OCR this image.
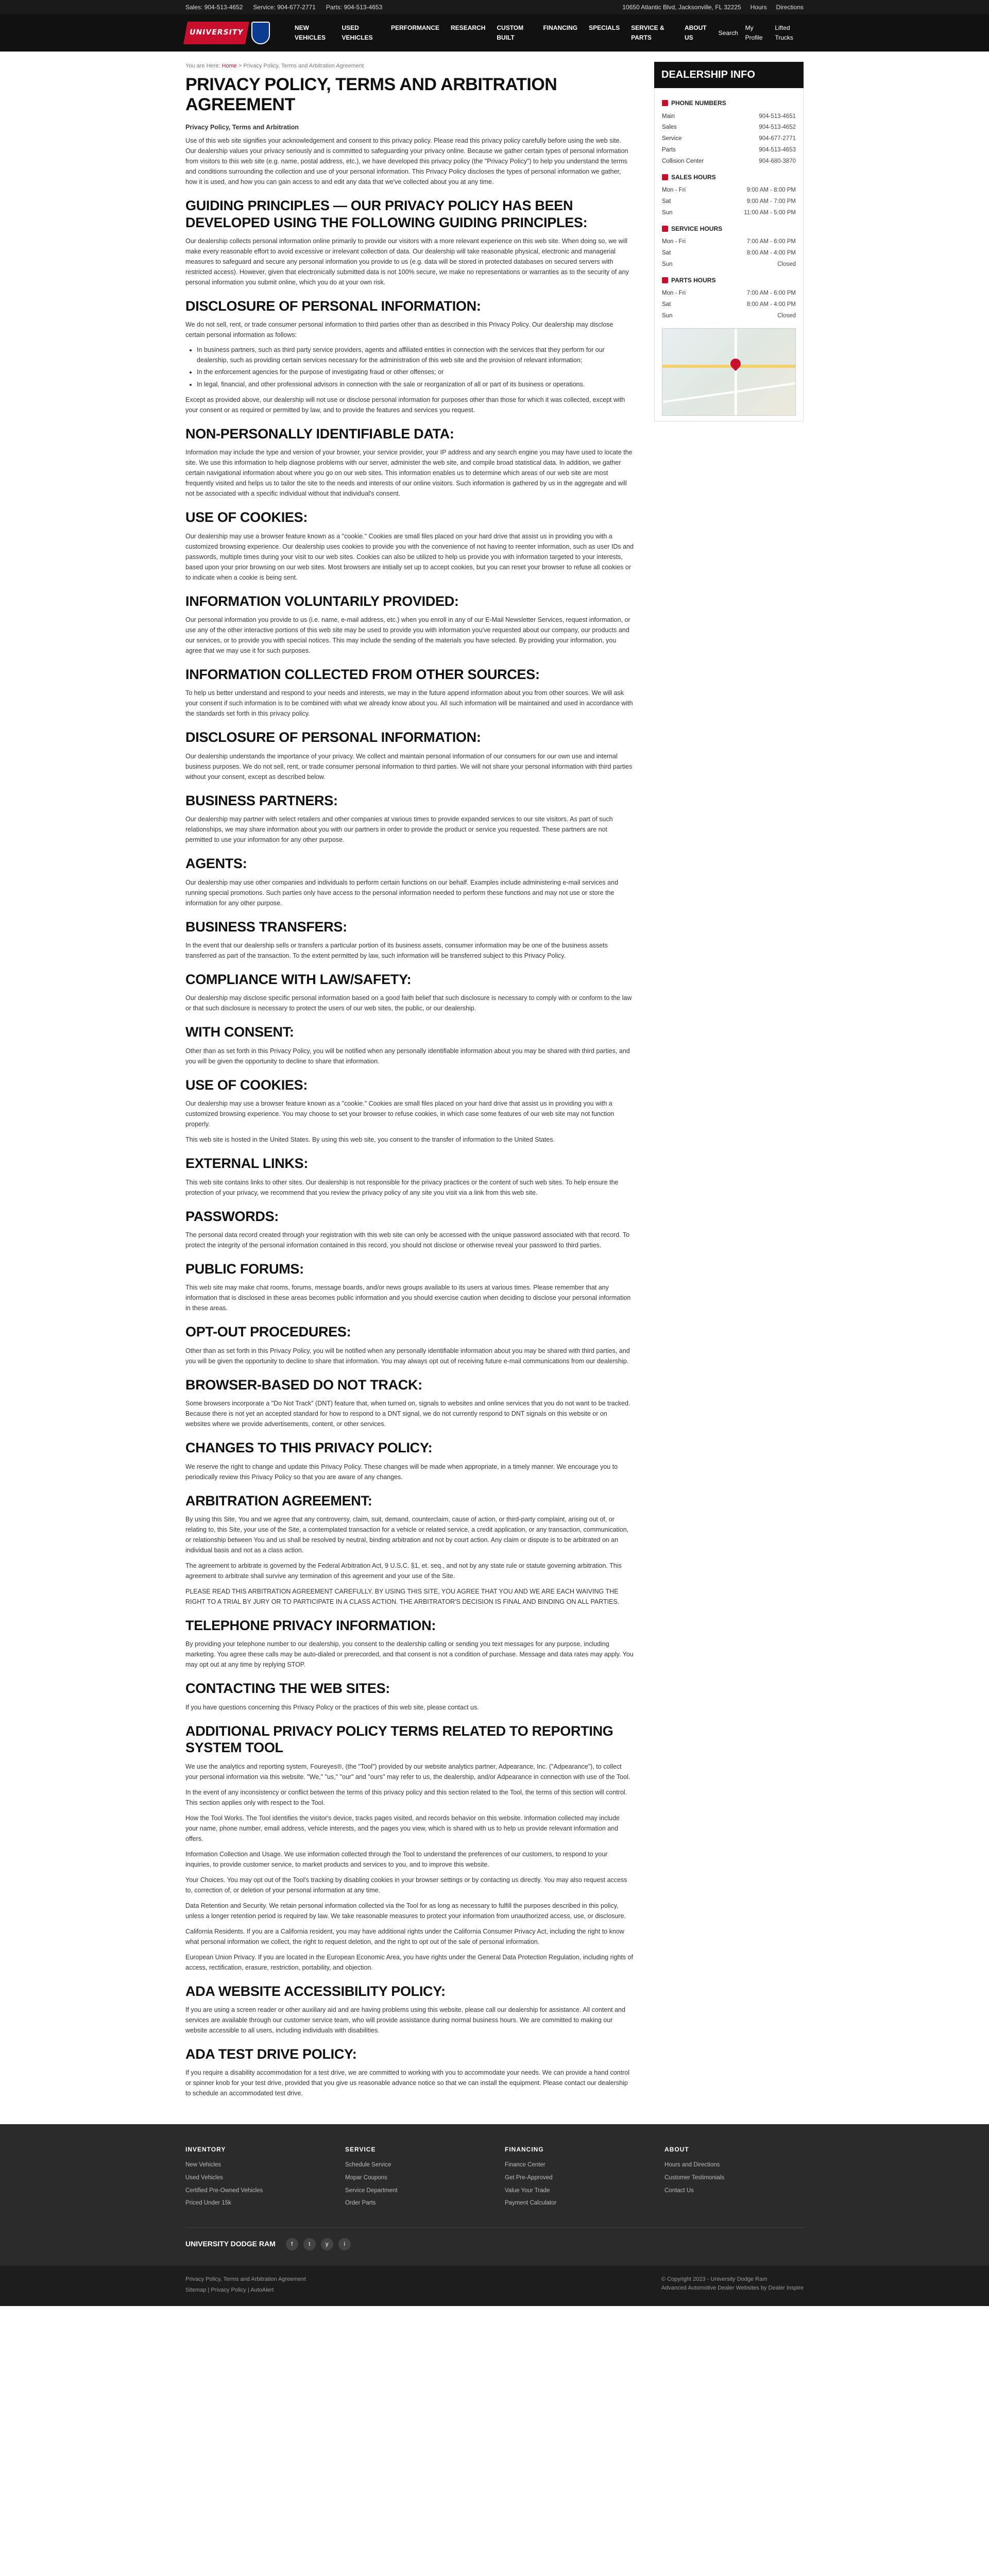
Sales: 904-513-4652 Service: 904-677-2771 Parts: 904-513-4653	10650 Atlantic Blvd, Jacksonville, FL 32225 Hours Directions
UNIVERSITY
NEW VEHICLES
USED VEHICLES
PERFORMANCE RESEARCH CUSTOM BUILT
FINANCING SPECIALS SERVICE & PARTS
ABOUT US
Search
My Profile
Lifted Trucks
You are Here: Home > Privacy Policy, Terms and Arbitration Agreement
PRIVACY POLICY, TERMS AND ARBITRATION AGREEMENT

Privacy Policy, Terms and Arbitration

Use of this web site signifies your acknowledgement and consent to this privacy policy. Please read this privacy policy carefully before using the web site. Our dealership values your privacy seriously and is committed to safeguarding your privacy online. Because we gather certain types of personal information from visitors to this web site (e.g. name, postal address, etc.), we have developed this privacy policy (the "Privacy Policy") to help you understand the terms and conditions surrounding the collection and use of your personal information. This Privacy Policy discloses the types of personal information we gather, how it is used, and how you can gain access to and edit any data that we've collected about you at any time.

GUIDING PRINCIPLES — OUR PRIVACY POLICY HAS BEEN DEVELOPED USING THE FOLLOWING GUIDING PRINCIPLES:

Our dealership collects personal information online primarily to provide our visitors with a more relevant experience on this web site. When doing so, we will make every reasonable effort to avoid excessive or irrelevant collection of data. Our dealership will take reasonable physical, electronic and managerial measures to safeguard and secure any personal information you provide to us (e.g. data will be stored in protected databases on secured servers with restricted access). However, given that electronically submitted data is not 100% secure, we make no representations or warranties as to the security of any personal information you submit online, which you do at your own risk.

DISCLOSURE OF PERSONAL INFORMATION:

We do not sell, rent, or trade consumer personal information to third parties other than as described in this Privacy Policy. Our dealership may disclose certain personal information as follows:

• In business partners, such as third party service providers, agents and affiliated entities in connection with the services that they perform for our dealership, such as providing certain services necessary for the administration of this web site and the provision of relevant information;
• In the enforcement agencies for the purpose of investigating fraud or other offenses; or
• In legal, financial, and other professional advisors in connection with the sale or reorganization of all or part of its business or operations.

Except as provided above, our dealership will not use or disclose personal information for purposes other than those for which it was collected, except with your consent or as required or permitted by law, and to provide the features and services you request.

NON-PERSONALLY IDENTIFIABLE DATA:

Information may include the type and version of your browser, your service provider, your IP address and any search engine you may have used to locate the site. We use this information to help diagnose problems with our server, administer the web site, and compile broad statistical data. In addition, we gather certain navigational information about where you go on our web sites. This information enables us to determine which areas of our web site are most frequently visited and helps us to tailor the site to the needs and interests of our online visitors. Such information is gathered by us in the aggregate and will not be associated with a specific individual without that individual's consent.

USE OF COOKIES:

Our dealership may use a browser feature known as a "cookie." Cookies are small files placed on your hard drive that assist us in providing you with a customized browsing experience. Our dealership uses cookies to provide you with the convenience of not having to reenter information, such as user IDs and passwords, multiple times during your visit to our web sites. Cookies can also be utilized to help us provide you with information targeted to your interests, based upon your prior browsing on our web sites. Most browsers are initially set up to accept cookies, but you can reset your browser to refuse all cookies or to indicate when a cookie is being sent.

INFORMATION VOLUNTARILY PROVIDED:

Our personal information you provide to us (i.e. name, e-mail address, etc.) when you enroll in any of our E-Mail Newsletter Services, request information, or use any of the other interactive portions of this web site may be used to provide you with information you've requested about our company, our products and our services, or to provide you with special notices. This may include the sending of the materials you have selected. By providing your information, you agree that we may use it for such purposes.

INFORMATION COLLECTED FROM OTHER SOURCES:

To help us better understand and respond to your needs and interests, we may in the future append information about you from other sources. We will ask your consent if such information is to be combined with what we already know about you. All such information will be maintained and used in accordance with the standards set forth in this privacy policy.

DISCLOSURE OF PERSONAL INFORMATION:

Our dealership understands the importance of your privacy. We collect and maintain personal information of our consumers for our own use and internal business purposes. We do not sell, rent, or trade consumer personal information to third parties. We will not share your personal information with third parties without your consent, except as described below.

BUSINESS PARTNERS:

Our dealership may partner with select retailers and other companies at various times to provide expanded services to our site visitors. As part of such relationships, we may share information about you with our partners in order to provide the product or service you requested. These partners are not permitted to use your information for any other purpose.

AGENTS:

Our dealership may use other companies and individuals to perform certain functions on our behalf. Examples include administering e-mail services and running special promotions. Such parties only have access to the personal information needed to perform these functions and may not use or store the information for any other purpose.

BUSINESS TRANSFERS:

In the event that our dealership sells or transfers a particular portion of its business assets, consumer information may be one of the business assets transferred as part of the transaction. To the extent permitted by law, such information will be transferred subject to this Privacy Policy.

COMPLIANCE WITH LAW/SAFETY:

Our dealership may disclose specific personal information based on a good faith belief that such disclosure is necessary to comply with or conform to the law or that such disclosure is necessary to protect the users of our web sites, the public, or our dealership.

WITH CONSENT:

Other than as set forth in this Privacy Policy, you will be notified when any personally identifiable information about you may be shared with third parties, and you will be given the opportunity to decline to share that information.

USE OF COOKIES:

Our dealership may use a browser feature known as a "cookie." Cookies are small files placed on your hard drive that assist us in providing you with a customized browsing experience. You may choose to set your browser to refuse cookies, in which case some features of our web site may not function properly.

This web site is hosted in the United States. By using this web site, you consent to the transfer of information to the United States.

EXTERNAL LINKS:

This web site contains links to other sites. Our dealership is not responsible for the privacy practices or the content of such web sites. To help ensure the protection of your privacy, we recommend that you review the privacy policy of any site you visit via a link from this web site.

PASSWORDS:

The personal data record created through your registration with this web site can only be accessed with the unique password associated with that record. To protect the integrity of the personal information contained in this record, you should not disclose or otherwise reveal your password to third parties.

PUBLIC FORUMS:

This web site may make chat rooms, forums, message boards, and/or news groups available to its users at various times. Please remember that any information that is disclosed in these areas becomes public information and you should exercise caution when deciding to disclose your personal information in these areas.

OPT-OUT PROCEDURES:

Other than as set forth in this Privacy Policy, you will be notified when any personally identifiable information about you may be shared with third parties, and you will be given the opportunity to decline to share that information. You may always opt out of receiving future e-mail communications from our dealership.

BROWSER-BASED DO NOT TRACK:

Some browsers incorporate a "Do Not Track" (DNT) feature that, when turned on, signals to websites and online services that you do not want to be tracked. Because there is not yet an accepted standard for how to respond to a DNT signal, we do not currently respond to DNT signals on this website or on websites where we provide advertisements, content, or other services.

CHANGES TO THIS PRIVACY POLICY:

We reserve the right to change and update this Privacy Policy. These changes will be made when appropriate, in a timely manner. We encourage you to periodically review this Privacy Policy so that you are aware of any changes.

ARBITRATION AGREEMENT:

By using this Site, You and we agree that any controversy, claim, suit, demand, counterclaim, cause of action, or third-party complaint, arising out of, or relating to, this Site, your use of the Site, a contemplated transaction for a vehicle or related service, a credit application, or any transaction, communication, or relationship between You and us shall be resolved by neutral, binding arbitration and not by court action. Any claim or dispute is to be arbitrated on an individual basis and not as a class action.

The agreement to arbitrate is governed by the Federal Arbitration Act, 9 U.S.C. §1, et. seq., and not by any state rule or statute governing arbitration. This agreement to arbitrate shall survive any termination of this agreement and your use of the Site.

PLEASE READ THIS ARBITRATION AGREEMENT CAREFULLY. BY USING THIS SITE, YOU AGREE THAT YOU AND WE ARE EACH WAIVING THE RIGHT TO A TRIAL BY JURY OR TO PARTICIPATE IN A CLASS ACTION. THE ARBITRATOR'S DECISION IS FINAL AND BINDING ON ALL PARTIES.

TELEPHONE PRIVACY INFORMATION:

By providing your telephone number to our dealership, you consent to the dealership calling or sending you text messages for any purpose, including marketing. You agree these calls may be auto-dialed or prerecorded, and that consent is not a condition of purchase. Message and data rates may apply. You may opt out at any time by replying STOP.

CONTACTING THE WEB SITES:

If you have questions concerning this Privacy Policy or the practices of this web site, please contact us.

ADDITIONAL PRIVACY POLICY TERMS RELATED TO REPORTING SYSTEM TOOL

We use the analytics and reporting system, Foureyes®, (the "Tool") provided by our website analytics partner, Adpearance, Inc. ("Adpearance"), to collect your personal information via this website. "We," "us," "our" and "ours" may refer to us, the dealership, and/or Adpearance in connection with use of the Tool.

In the event of any inconsistency or conflict between the terms of this privacy policy and this section related to the Tool, the terms of this section will control. This section applies only with respect to the Tool.

How the Tool Works. The Tool identifies the visitor's device, tracks pages visited, and records behavior on this website. Information collected may include your name, phone number, email address, vehicle interests, and the pages you view, which is shared with us to help us provide relevant information and offers.

Information Collection and Usage. We use information collected through the Tool to understand the preferences of our customers, to respond to your inquiries, to provide customer service, to market products and services to you, and to improve this website.

Your Choices. You may opt out of the Tool's tracking by disabling cookies in your browser settings or by contacting us directly. You may also request access to, correction of, or deletion of your personal information at any time.

Data Retention and Security. We retain personal information collected via the Tool for as long as necessary to fulfill the purposes described in this policy, unless a longer retention period is required by law. We take reasonable measures to protect your information from unauthorized access, use, or disclosure.

California Residents. If you are a California resident, you may have additional rights under the California Consumer Privacy Act, including the right to know what personal information we collect, the right to request deletion, and the right to opt out of the sale of personal information.

European Union Privacy. If you are located in the European Economic Area, you have rights under the General Data Protection Regulation, including rights of access, rectification, erasure, restriction, portability, and objection.

ADA WEBSITE ACCESSIBILITY POLICY:

If you are using a screen reader or other auxiliary aid and are having problems using this website, please call our dealership for assistance. All content and services are available through our customer service team, who will provide assistance during normal business hours. We are committed to making our website accessible to all users, including individuals with disabilities.

ADA TEST DRIVE POLICY:

If you require a disability accommodation for a test drive, we are committed to working with you to accommodate your needs. We can provide a hand control or spinner knob for your test drive, provided that you give us reasonable advance notice so that we can install the equipment. Please contact our dealership to schedule an accommodated test drive.

DEALERSHIP INFO
PHONE NUMBERS
Main	904-513-4651
Sales	904-513-4652
Service	904-677-2771
Parts	904-513-4653
Collision Center	904-680-3870
SALES HOURS
Mon - Fri	9:00 AM - 8:00 PM
Sat	9:00 AM - 7:00 PM
Sun	11:00 AM - 5:00 PM
SERVICE HOURS
Mon - Fri	7:00 AM - 6:00 PM
Sat	8:00 AM - 4:00 PM
Sun	Closed
PARTS HOURS
Mon - Fri	7:00 AM - 6:00 PM
Sat	8:00 AM - 4:00 PM
Sun	Closed
INVENTORY
New Vehicles
Used Vehicles
Certified Pre-Owned Vehicles
Priced Under 15k
SERVICE
Schedule Service
Mopar Coupons
Service Department
Order Parts
FINANCING
Finance Center
Get Pre-Approved
Value Your Trade
Payment Calculator
ABOUT
Hours and Directions
Customer Testimonials
Contact Us
UNIVERSITY DODGE RAM	f	t	y	i
Privacy Policy, Terms and Arbitration Agreement
Sitemap | Privacy Policy | AutoAlert
© Copyright 2023 - University Dodge Ram
Advanced Automotive Dealer Websites by Dealer Inspire
